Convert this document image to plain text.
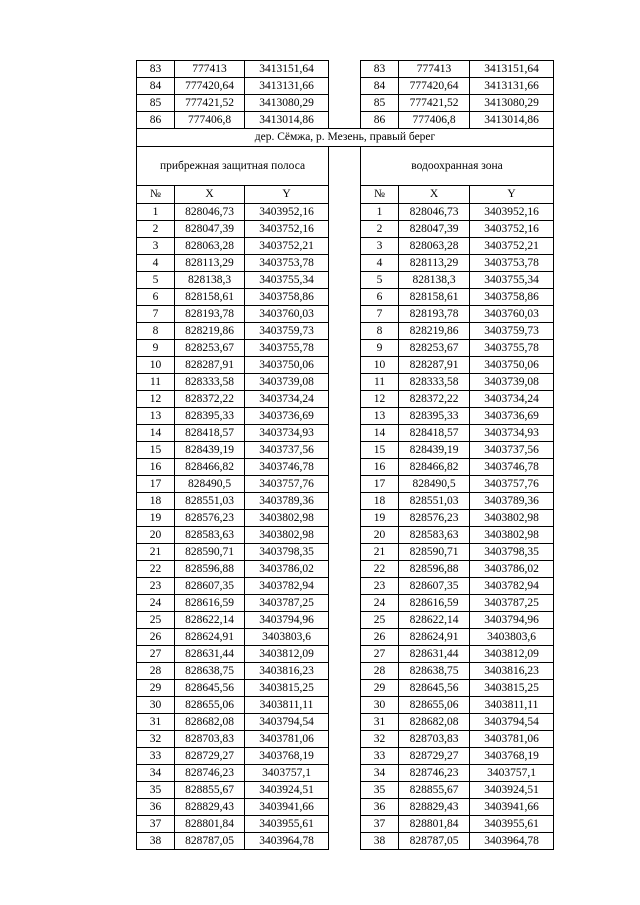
83	777413	3413151,64		83	777413	3413151,64
84	777420,64	3413131,66		84	777420,64	3413131,66
85	777421,52	3413080,29		85	777421,52	3413080,29
86	777406,8	3413014,86		86	777406,8	3413014,86
дер. Сёмжа, р. Мезень, правый берег						
прибрежная защитная полоса				водоохранная зона		
№	X	Y		№	X	Y
1	828046,73	3403952,16		1	828046,73	3403952,16
2	828047,39	3403752,16		2	828047,39	3403752,16
3	828063,28	3403752,21		3	828063,28	3403752,21
4	828113,29	3403753,78		4	828113,29	3403753,78
5	828138,3	3403755,34		5	828138,3	3403755,34
6	828158,61	3403758,86		6	828158,61	3403758,86
7	828193,78	3403760,03		7	828193,78	3403760,03
8	828219,86	3403759,73		8	828219,86	3403759,73
9	828253,67	3403755,78		9	828253,67	3403755,78
10	828287,91	3403750,06		10	828287,91	3403750,06
11	828333,58	3403739,08		11	828333,58	3403739,08
12	828372,22	3403734,24		12	828372,22	3403734,24
13	828395,33	3403736,69		13	828395,33	3403736,69
14	828418,57	3403734,93		14	828418,57	3403734,93
15	828439,19	3403737,56		15	828439,19	3403737,56
16	828466,82	3403746,78		16	828466,82	3403746,78
17	828490,5	3403757,76		17	828490,5	3403757,76
18	828551,03	3403789,36		18	828551,03	3403789,36
19	828576,23	3403802,98		19	828576,23	3403802,98
20	828583,63	3403802,98		20	828583,63	3403802,98
21	828590,71	3403798,35		21	828590,71	3403798,35
22	828596,88	3403786,02		22	828596,88	3403786,02
23	828607,35	3403782,94		23	828607,35	3403782,94
24	828616,59	3403787,25		24	828616,59	3403787,25
25	828622,14	3403794,96		25	828622,14	3403794,96
26	828624,91	3403803,6		26	828624,91	3403803,6
27	828631,44	3403812,09		27	828631,44	3403812,09
28	828638,75	3403816,23		28	828638,75	3403816,23
29	828645,56	3403815,25		29	828645,56	3403815,25
30	828655,06	3403811,11		30	828655,06	3403811,11
31	828682,08	3403794,54		31	828682,08	3403794,54
32	828703,83	3403781,06		32	828703,83	3403781,06
33	828729,27	3403768,19		33	828729,27	3403768,19
34	828746,23	3403757,1		34	828746,23	3403757,1
35	828855,67	3403924,51		35	828855,67	3403924,51
36	828829,43	3403941,66		36	828829,43	3403941,66
37	828801,84	3403955,61		37	828801,84	3403955,61
38	828787,05	3403964,78		38	828787,05	3403964,78
